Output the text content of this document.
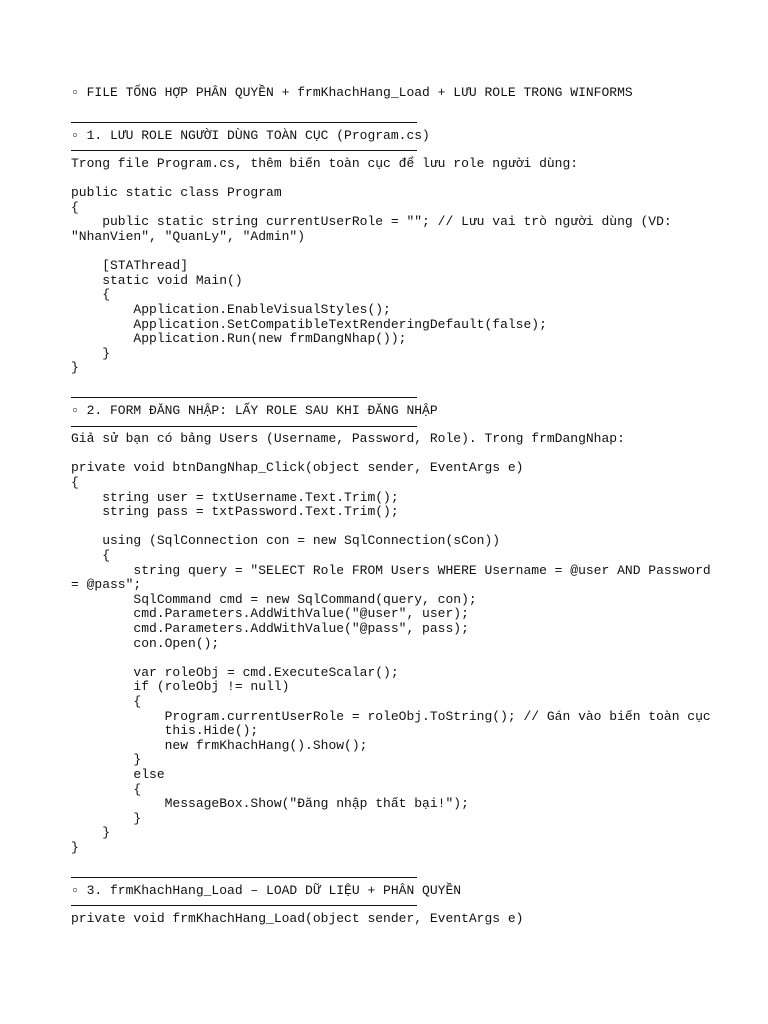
▫ FILE TỔNG HỢP PHÂN QUYỀN + frmKhachHang_Load + LƯU ROLE TRONG WINFORMS
▫ 1. LƯU ROLE NGƯỜI DÙNG TOÀN CỤC (Program.cs)
Trong file Program.cs, thêm biến toàn cục để lưu role người dùng:
public static class Program
{
public static string currentUserRole = ""; // Lưu vai trò người dùng (VD:
"NhanVien", "QuanLy", "Admin")
[STAThread]
static void Main()
{
Application.EnableVisualStyles();
Application.SetCompatibleTextRenderingDefault(false);
Application.Run(new frmDangNhap());
}
}
▫ 2. FORM ĐĂNG NHẬP: LẤY ROLE SAU KHI ĐĂNG NHẬP
Giả sử bạn có bảng Users (Username, Password, Role). Trong frmDangNhap:
private void btnDangNhap_Click(object sender, EventArgs e)
{
string user = txtUsername.Text.Trim();
string pass = txtPassword.Text.Trim();
using (SqlConnection con = new SqlConnection(sCon))
{
string query = "SELECT Role FROM Users WHERE Username = @user AND Password
= @pass";
SqlCommand cmd = new SqlCommand(query, con);
cmd.Parameters.AddWithValue("@user", user);
cmd.Parameters.AddWithValue("@pass", pass);
con.Open();
var roleObj = cmd.ExecuteScalar();
if (roleObj != null)
{
Program.currentUserRole = roleObj.ToString(); // Gán vào biến toàn cục
this.Hide();
new frmKhachHang().Show();
}
else
{
MessageBox.Show("Đăng nhập thất bại!");
}
}
}
▫ 3. frmKhachHang_Load – LOAD DỮ LIỆU + PHÂN QUYỀN
private void frmKhachHang_Load(object sender, EventArgs e)
